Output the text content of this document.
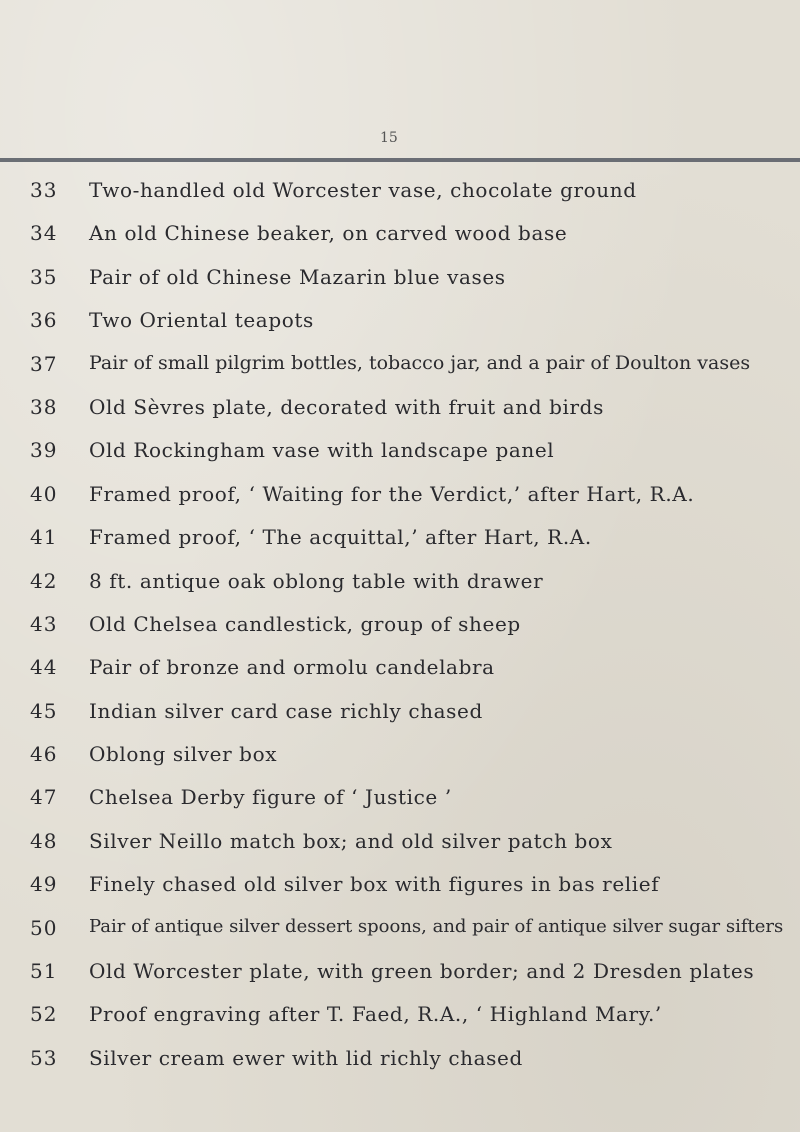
15
33	Two-handled old Worcester vase, chocolate ground
34	An old Chinese beaker, on carved wood base
35	Pair of old Chinese Mazarin blue vases
36	Two Oriental teapots
37	Pair of small pilgrim bottles, tobacco jar, and a pair of Doulton vases
38	Old Sèvres plate, decorated with fruit and birds
39	Old Rockingham vase with landscape panel
40	Framed proof, ‘ Waiting for the Verdict,’ after Hart, R.A.
41	Framed proof, ‘ The acquittal,’ after Hart, R.A.
42	8 ft. antique oak oblong table with drawer
43	Old Chelsea candlestick, group of sheep
44	Pair of bronze and ormolu candelabra
45	Indian silver card case richly chased
46	Oblong silver box
47	Chelsea Derby figure of ‘ Justice ’
48	Silver Neillo match box; and old silver patch box
49	Finely chased old silver box with figures in bas relief
50	Pair of antique silver dessert spoons, and pair of antique silver sugar sifters
51	Old Worcester plate, with green border; and 2 Dresden plates
52	Proof engraving after T. Faed, R.A., ‘ Highland Mary.’
53	Silver cream ewer with lid richly chased
